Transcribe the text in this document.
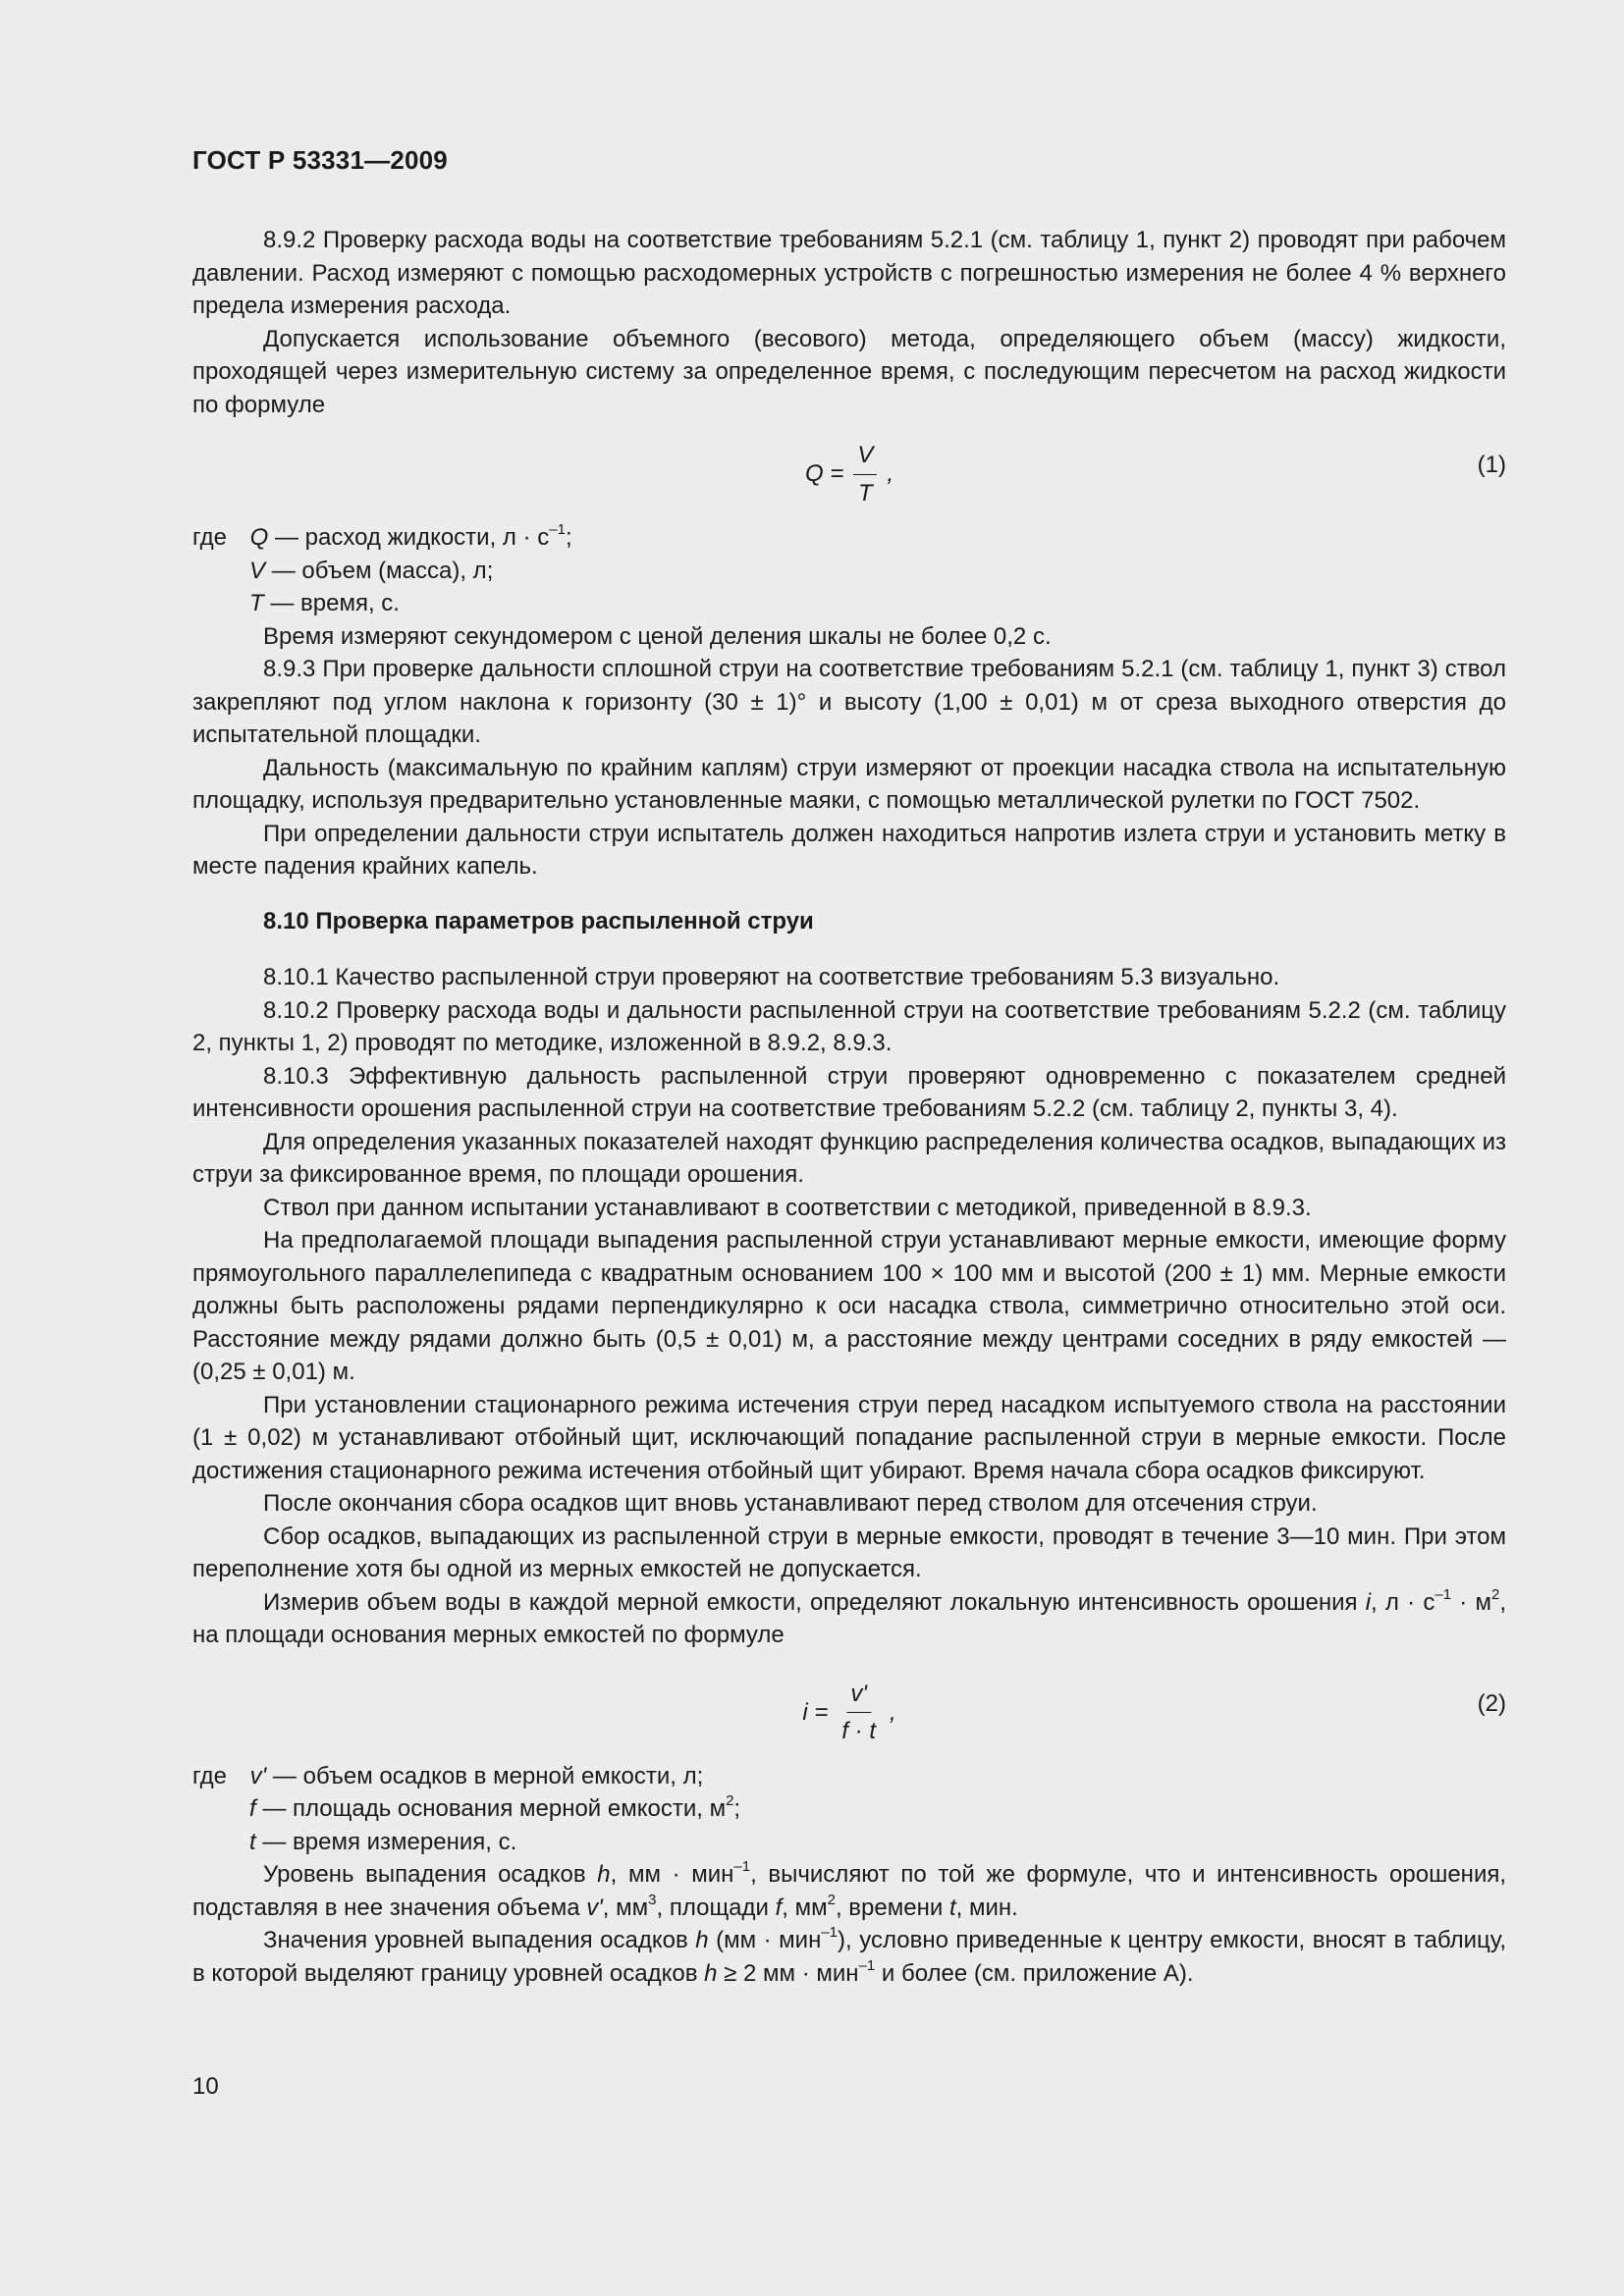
ГОСТ Р 53331—2009

8.9.2 Проверку расхода воды на соответствие требованиям 5.2.1 (см. таблицу 1, пункт 2) проводят при рабочем давлении. Расход измеряют с помощью расходомерных устройств с погрешностью измерения не более 4 % верхнего предела измерения расхода.

Допускается использование объемного (весового) метода, определяющего объем (массу) жидкости, проходящей через измерительную систему за определенное время, с последующим пересчетом на расход жидкости по формуле

$Q = \frac{V}{T}$ ,	(1)
где Q — расход жидкости, $л \cdot с^{-1}$;
V — объем (масса), л;
T — время, с.

Время измеряют секундомером с ценой деления шкалы не более 0,2 с.

8.9.3 При проверке дальности сплошной струи на соответствие требованиям 5.2.1 (см. таблицу 1, пункт 3) ствол закрепляют под углом наклона к горизонту (30 ± 1)° и высоту (1,00 ± 0,01) м от среза выходного отверстия до испытательной площадки.

Дальность (максимальную по крайним каплям) струи измеряют от проекции насадка ствола на испытательную площадку, используя предварительно установленные маяки, с помощью металлической рулетки по ГОСТ 7502.

При определении дальности струи испытатель должен находиться напротив излета струи и установить метку в месте падения крайних капель.

8.10 Проверка параметров распыленной струи

8.10.1 Качество распыленной струи проверяют на соответствие требованиям 5.3 визуально.

8.10.2 Проверку расхода воды и дальности распыленной струи на соответствие требованиям 5.2.2 (см. таблицу 2, пункты 1, 2) проводят по методике, изложенной в 8.9.2, 8.9.3.

8.10.3 Эффективную дальность распыленной струи проверяют одновременно с показателем средней интенсивности орошения распыленной струи на соответствие требованиям 5.2.2 (см. таблицу 2, пункты 3, 4).

Для определения указанных показателей находят функцию распределения количества осадков, выпадающих из струи за фиксированное время, по площади орошения.

Ствол при данном испытании устанавливают в соответствии с методикой, приведенной в 8.9.3.

На предполагаемой площади выпадения распыленной струи устанавливают мерные емкости, имеющие форму прямоугольного параллелепипеда с квадратным основанием 100 × 100 мм и высотой (200 ± 1) мм. Мерные емкости должны быть расположены рядами перпендикулярно к оси насадка ствола, симметрично относительно этой оси. Расстояние между рядами должно быть (0,5 ± 0,01) м, а расстояние между центрами соседних в ряду емкостей — (0,25 ± 0,01) м.

При установлении стационарного режима истечения струи перед насадком испытуемого ствола на расстоянии (1 ± 0,02) м устанавливают отбойный щит, исключающий попадание распыленной струи в мерные емкости. После достижения стационарного режима истечения отбойный щит убирают. Время начала сбора осадков фиксируют.

После окончания сбора осадков щит вновь устанавливают перед стволом для отсечения струи.

Сбор осадков, выпадающих из распыленной струи в мерные емкости, проводят в течение 3—10 мин. При этом переполнение хотя бы одной из мерных емкостей не допускается.

Измерив объем воды в каждой мерной емкости, определяют локальную интенсивность орошения i, $л \cdot с^{-1} \cdot м^2$, на площади основания мерных емкостей по формуле

$i = \frac{v'}{f \cdot t}$ ,	(2)
где v' — объем осадков в мерной емкости, л;
f — площадь основания мерной емкости, $м^2$;
t — время измерения, с.

Уровень выпадения осадков h, мм · мин$^{-1}$, вычисляют по той же формуле, что и интенсивность орошения, подставляя в нее значения объема v', $мм^3$, площади f, $мм^2$, времени t, мин.

Значения уровней выпадения осадков h (мм · мин$^{-1}$), условно приведенные к центру емкости, вносят в таблицу, в которой выделяют границу уровней осадков h ≥ 2 мм · мин$^{-1}$ и более (см. приложение А).

10
